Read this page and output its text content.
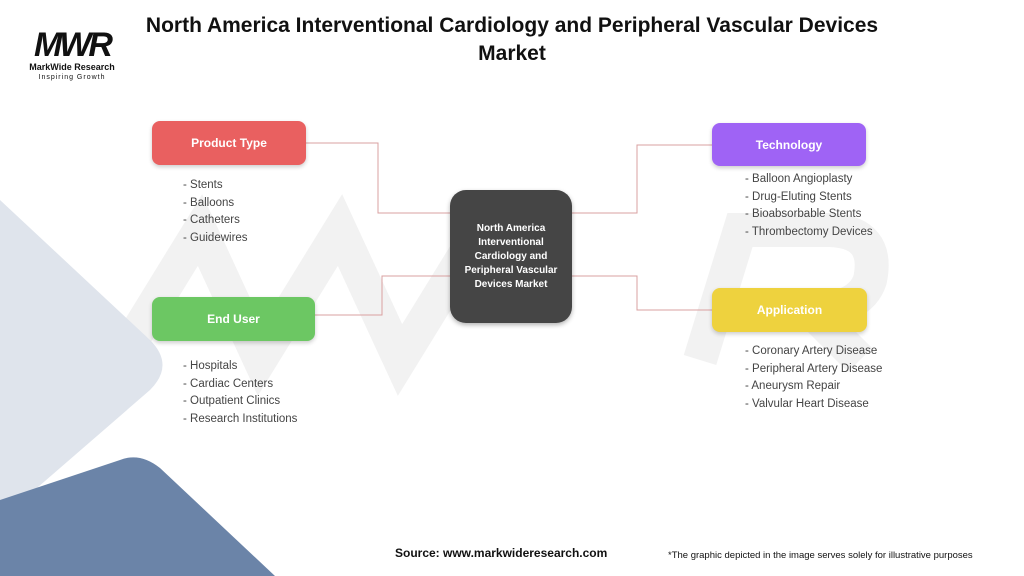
MWR
MarkWide Research
Inspiring Growth
North America Interventional Cardiology and Peripheral Vascular Devices Market
North America Interventional Cardiology and Peripheral Vascular Devices Market
Product Type
- Stents
- Balloons
- Catheters
- Guidewires
End User
- Hospitals
- Cardiac Centers
- Outpatient Clinics
- Research Institutions
Technology
- Balloon Angioplasty
- Drug-Eluting Stents
- Bioabsorbable Stents
- Thrombectomy Devices
Application
- Coronary Artery Disease
- Peripheral Artery Disease
- Aneurysm Repair
- Valvular Heart Disease
Source: www.markwideresearch.com	*The graphic depicted in the image serves solely for illustrative purposes
